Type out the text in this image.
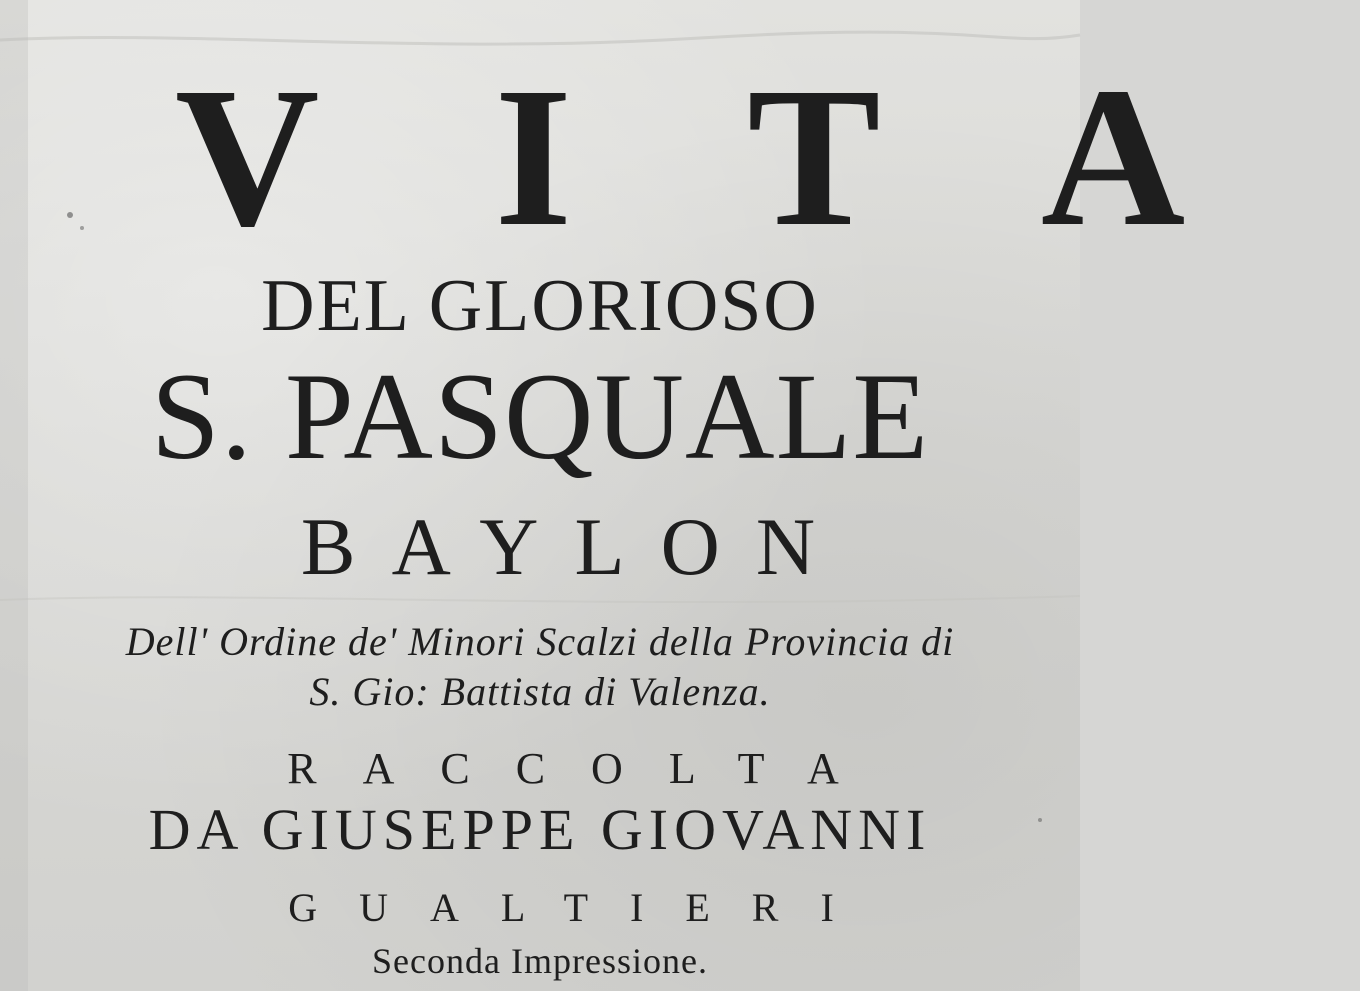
VITA
DEL GLORIOSO
S. PASQUALE
BAYLON
Dell' Ordine de' Minori Scalzi della Provincia di
S. Gio: Battista di Valenza.
RACCOLTA
DA GIUSEPPE GIOVANNI
GUALTIERI
Seconda Impressione.
